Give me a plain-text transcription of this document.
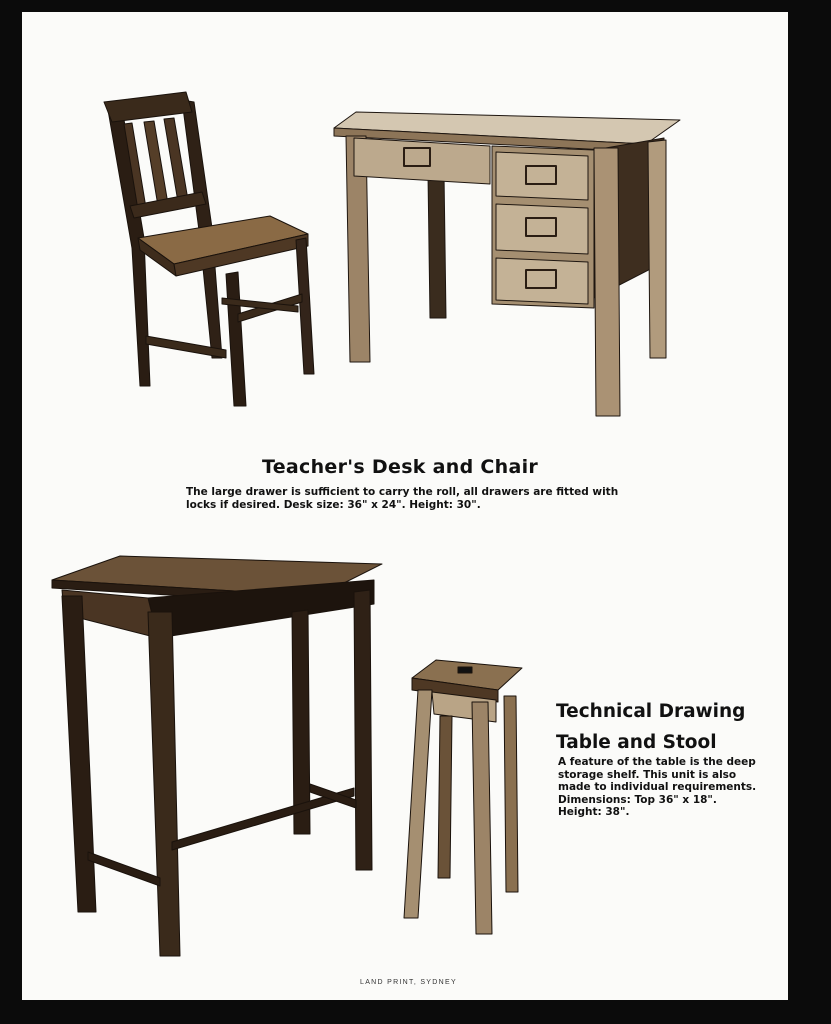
Teacher's Desk and Chair
The large drawer is sufficient to carry the roll, all drawers are fitted with locks if desired. Desk size: 36" x 24". Height: 30".
Technical Drawing
Table and Stool
A feature of the table is the deep storage shelf. This unit is also made to individual requirements. Dimensions: Top 36" x 18". Height: 38".
LAND PRINT, SYDNEY
